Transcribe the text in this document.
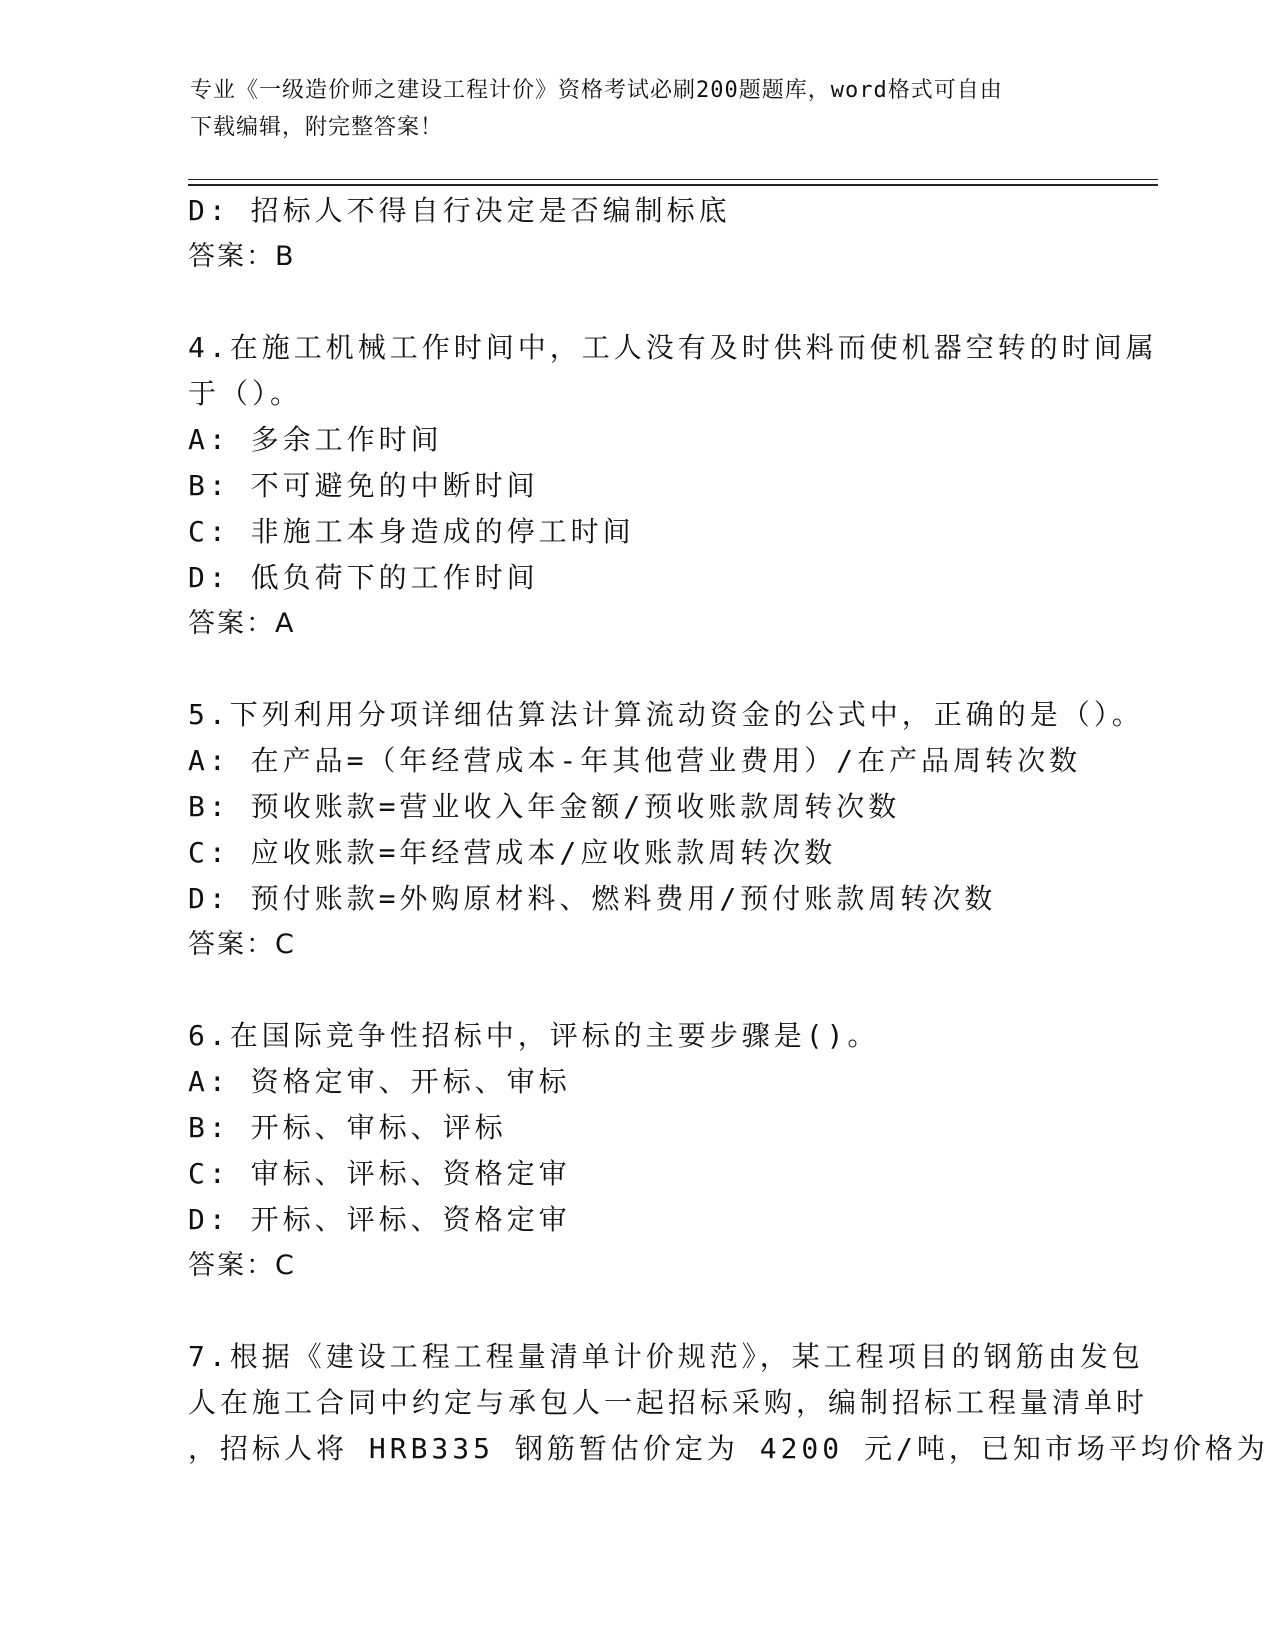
专业《一级造价师之建设工程计价》资格考试必刷200题题库，word格式可自由
下载编辑，附完整答案！
D: 招标人不得自行决定是否编制标底
答案：B
4.在施工机械工作时间中，工人没有及时供料而使机器空转的时间属
于（）。
A: 多余工作时间
B: 不可避免的中断时间
C: 非施工本身造成的停工时间
D: 低负荷下的工作时间
答案：A
5.下列利用分项详细估算法计算流动资金的公式中，正确的是（）。
A: 在产品=（年经营成本-年其他营业费用）/在产品周转次数
B: 预收账款=营业收入年金额/预收账款周转次数
C: 应收账款=年经营成本/应收账款周转次数
D: 预付账款=外购原材料、燃料费用/预付账款周转次数
答案：C
6.在国际竞争性招标中，评标的主要步骤是()。
A: 资格定审、开标、审标
B: 开标、审标、评标
C: 审标、评标、资格定审
D: 开标、评标、资格定审
答案：C
7.根据《建设工程工程量清单计价规范》，某工程项目的钢筋由发包
人在施工合同中约定与承包人一起招标采购，编制招标工程量清单时
，招标人将 HRB335 钢筋暂估价定为 4200 元/吨，已知市场平均价格为
